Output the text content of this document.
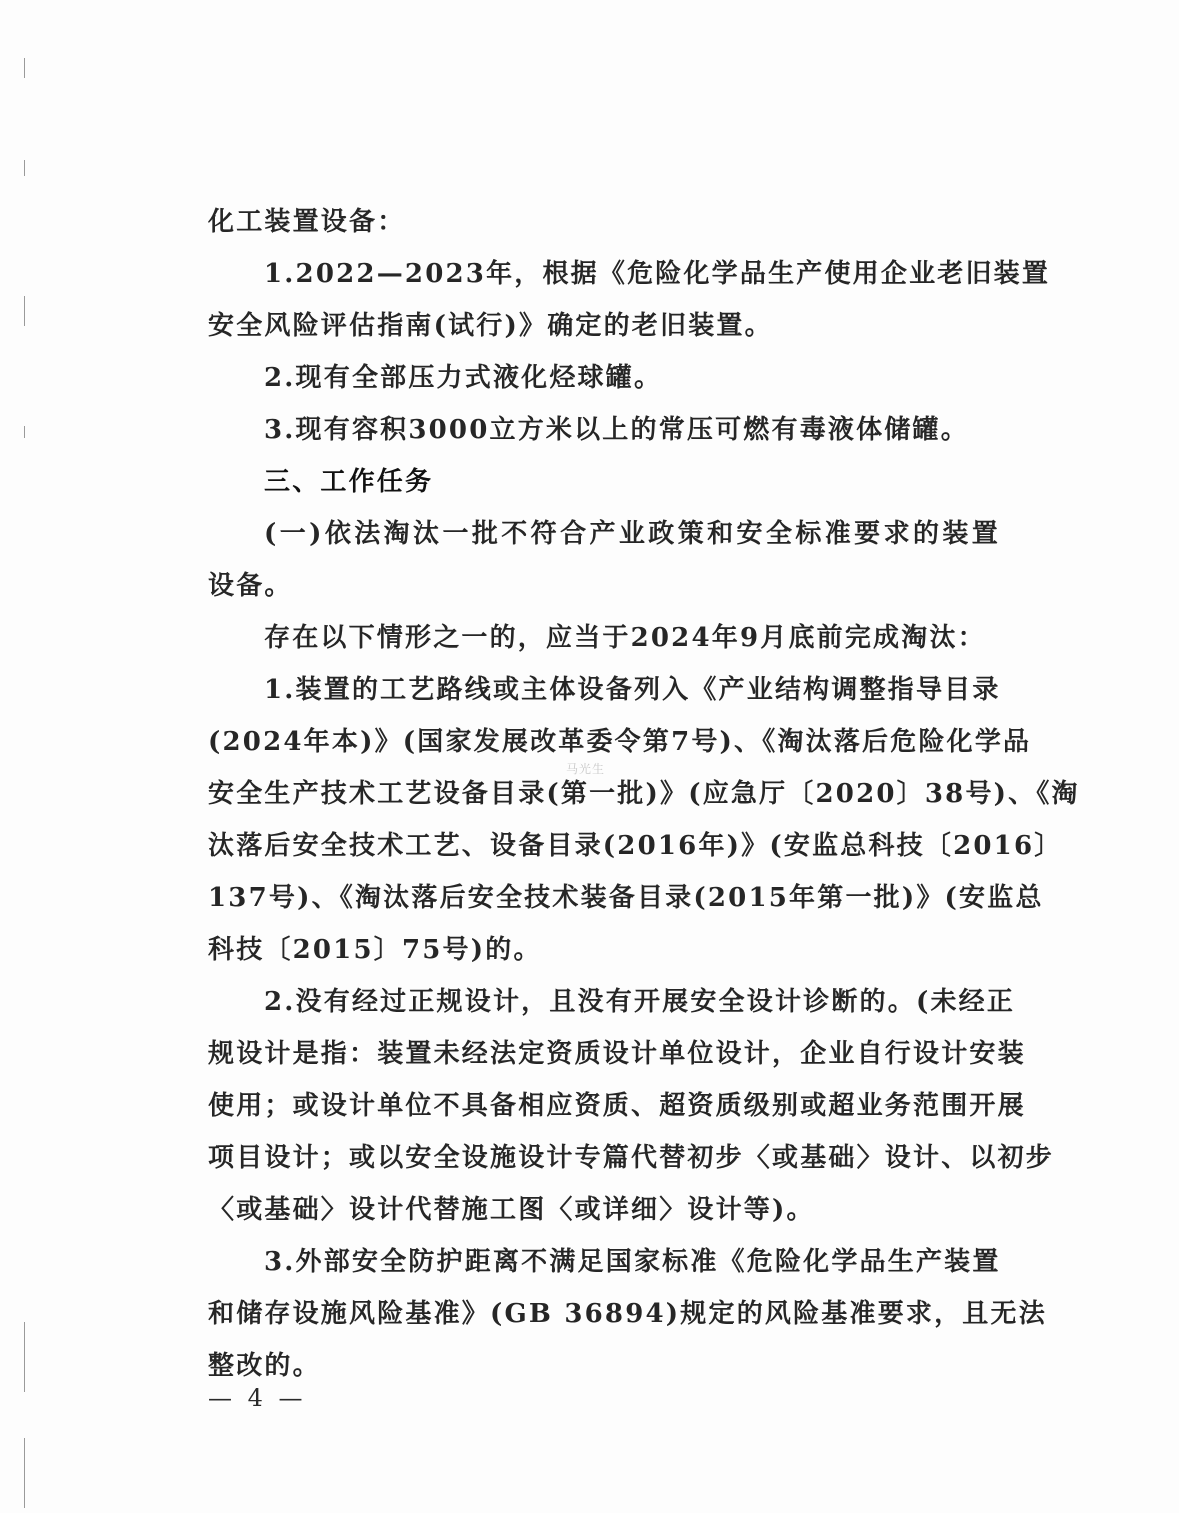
化工装置设备：
1.2022—2023年，根据《危险化学品生产使用企业老旧装置
安全风险评估指南(试行)》确定的老旧装置。
2.现有全部压力式液化烃球罐。
3.现有容积3000立方米以上的常压可燃有毒液体储罐。
三、工作任务
(一)依法淘汰一批不符合产业政策和安全标准要求的装置
设备。
存在以下情形之一的，应当于2024年9月底前完成淘汰：
1.装置的工艺路线或主体设备列入《产业结构调整指导目录
(2024年本)》(国家发展改革委令第7号)、《淘汰落后危险化学品
安全生产技术工艺设备目录(第一批)》(应急厅〔2020〕38号)、《淘
汰落后安全技术工艺、设备目录(2016年)》(安监总科技〔2016〕
137号)、《淘汰落后安全技术装备目录(2015年第一批)》(安监总
科技〔2015〕75号)的。
2.没有经过正规设计，且没有开展安全设计诊断的。(未经正
规设计是指：装置未经法定资质设计单位设计，企业自行设计安装
使用；或设计单位不具备相应资质、超资质级别或超业务范围开展
项目设计；或以安全设施设计专篇代替初步〈或基础〉设计、以初步
〈或基础〉设计代替施工图〈或详细〉设计等)。
3.外部安全防护距离不满足国家标准《危险化学品生产装置
和储存设施风险基准》(GB 36894)规定的风险基准要求，且无法
整改的。
马光生
— 4 —
